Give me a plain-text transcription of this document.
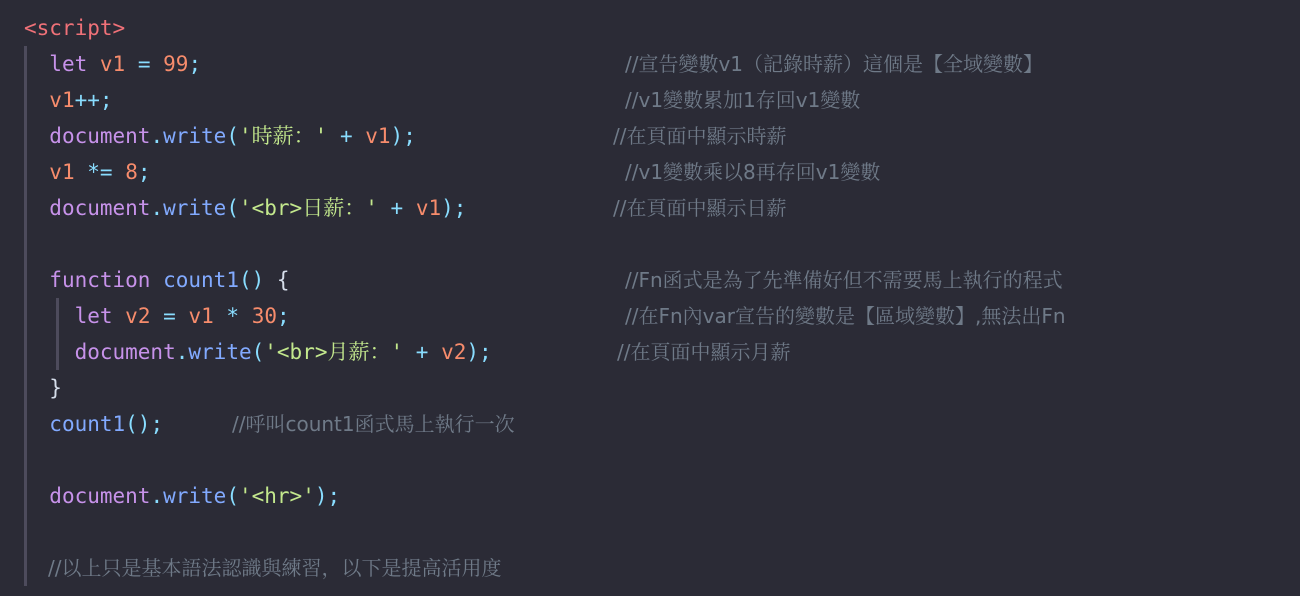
<script>
let v1 = 99;	//宣告變數v1（記錄時薪）這個是【全域變數】
v1++;	//v1變數累加1存回v1變數
document.write('時薪：' + v1);	//在頁面中顯示時薪
v1 *= 8;	//v1變數乘以8再存回v1變數
document.write('<br>日薪：' + v1);	//在頁面中顯示日薪

function count1() {	//Fn函式是為了先準備好但不需要馬上執行的程式
let v2 = v1 * 30;	//在Fn內var宣告的變數是【區域變數】,無法出Fn
document.write('<br>月薪：' + v2);	//在頁面中顯示月薪
}
count1();	//呼叫count1函式馬上執行一次

document.write('<hr>');

//以上只是基本語法認識與練習，以下是提高活用度
